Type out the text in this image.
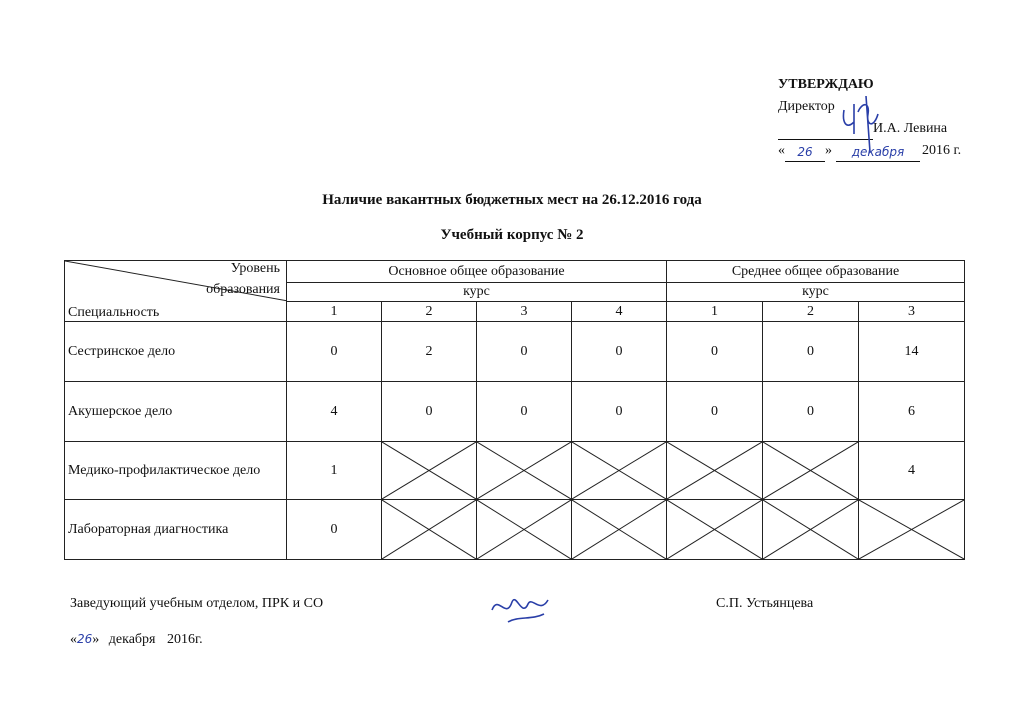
УТВЕРЖДАЮ
Директор
И.А. Левина
«	26 »	декабря	2016 г.
Наличие вакантных бюджетных мест на 26.12.2016 года
Учебный корпус № 2
Уровень
образования
Специальность	Основное общее образование				Среднее общее образование		
	курс				курс		
	1	2	3	4	1	2	3
Сестринское дело	0	2	0	0	0	0	14
Акушерское дело	4	0	0	0	0	0	6
Медико-профилактическое дело	1						4
Лабораторная диагностика	0	

Заведующий учебным отделом, ПРК и СО	С.П. Устьянцева
«26» декабря 2016г.
